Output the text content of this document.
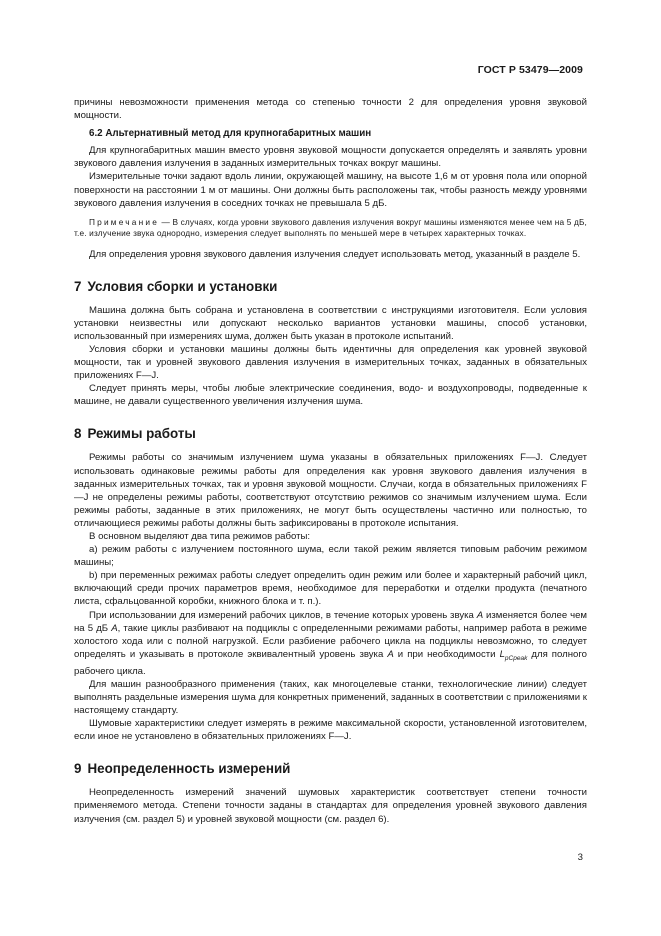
ГОСТ Р 53479—2009

причины невозможности применения метода со степенью точности 2 для определения уровня звуковой мощности.

6.2 Альтернативный метод для крупногабаритных машин

Для крупногабаритных машин вместо уровня звуковой мощности допускается определять и заявлять уровни звукового давления излучения в заданных измерительных точках вокруг машины.

Измерительные точки задают вдоль линии, окружающей машину, на высоте 1,6 м от уровня пола или опорной поверхности на расстоянии 1 м от машины. Они должны быть расположены так, чтобы разность между уровнями звукового давления излучения в соседних точках не превышала 5 дБ.

Примечание — В случаях, когда уровни звукового давления излучения вокруг машины изменяются менее чем на 5 дБ, т.е. излучение звука однородно, измерения следует выполнять по меньшей мере в четырех характерных точках.

Для определения уровня звукового давления излучения следует использовать метод, указанный в разделе 5.

7 Условия сборки и установки

Машина должна быть собрана и установлена в соответствии с инструкциями изготовителя. Если условия установки неизвестны или допускают несколько вариантов установки машины, способ установки, использованный при измерениях шума, должен быть указан в протоколе испытаний.

Условия сборки и установки машины должны быть идентичны для определения как уровней звуковой мощности, так и уровней звукового давления излучения в измерительных точках, заданных в обязательных приложениях F—J.

Следует принять меры, чтобы любые электрические соединения, водо- и воздухопроводы, подведенные к машине, не давали существенного увеличения излучения шума.

8 Режимы работы

Режимы работы со значимым излучением шума указаны в обязательных приложениях F—J. Следует использовать одинаковые режимы работы для определения как уровня звукового давления излучения в заданных измерительных точках, так и уровня звуковой мощности. Случаи, когда в обязательных приложениях F—J не определены режимы работы, соответствуют отсутствию режимов со значимым излучением шума. Если режимы работы, заданные в этих приложениях, не могут быть осуществлены частично или полностью, то отличающиеся режимы работы должны быть зафиксированы в протоколе испытания.

В основном выделяют два типа режимов работы:

а) режим работы с излучением постоянного шума, если такой режим является типовым рабочим режимом машины;

b) при переменных режимах работы следует определить один режим или более и характерный рабочий цикл, включающий среди прочих параметров время, необходимое для переработки и отделки продукта (печатного листа, сфальцованной коробки, книжного блока и т. п.).

При использовании для измерений рабочих циклов, в течение которых уровень звука A изменяется более чем на 5 дБ A, такие циклы разбивают на подциклы с определенными режимами работы, например работа в режиме холостого хода или с полной нагрузкой. Если разбиение рабочего цикла на подциклы невозможно, то следует определять и указывать в протоколе эквивалентный уровень звука A и при необходимости $L_{pCpeak}$ для полного рабочего цикла.

Для машин разнообразного применения (таких, как многоцелевые станки, технологические линии) следует выполнять раздельные измерения шума для конкретных применений, заданных в соответствии с приложениями к настоящему стандарту.

Шумовые характеристики следует измерять в режиме максимальной скорости, установленной изготовителем, если иное не установлено в обязательных приложениях F—J.

9 Неопределенность измерений

Неопределенность измерений значений шумовых характеристик соответствует степени точности применяемого метода. Степени точности заданы в стандартах для определения уровней звукового давления излучения (см. раздел 5) и уровней звуковой мощности (см. раздел 6).

3
